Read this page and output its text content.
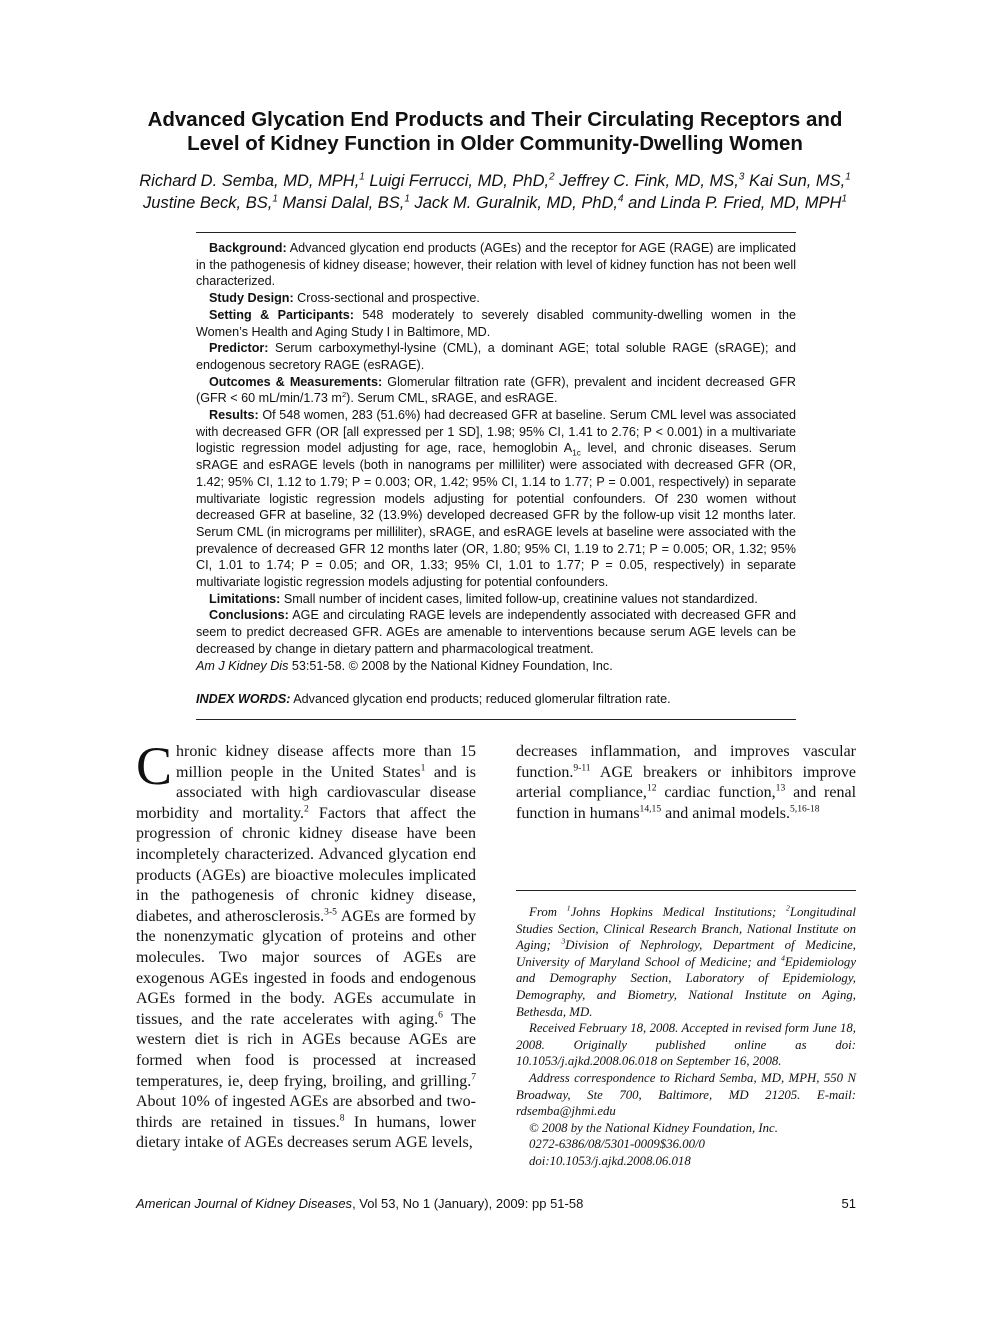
Advanced Glycation End Products and Their Circulating Receptors and
Level of Kidney Function in Older Community-Dwelling Women
Richard D. Semba, MD, MPH,$^1$ Luigi Ferrucci, MD, PhD,$^2$ Jeffrey C. Fink, MD, MS,$^3$ Kai Sun, MS,$^1$
Justine Beck, BS,$^1$ Mansi Dalal, BS,$^1$ Jack M. Guralnik, MD, PhD,$^4$ and Linda P. Fried, MD, MPH$^1$

Background: Advanced glycation end products (AGEs) and the receptor for AGE (RAGE) are implicated in the pathogenesis of kidney disease; however, their relation with level of kidney function has not been well characterized.

Study Design: Cross-sectional and prospective.

Setting & Participants: 548 moderately to severely disabled community-dwelling women in the Women’s Health and Aging Study I in Baltimore, MD.

Predictor: Serum carboxymethyl-lysine (CML), a dominant AGE; total soluble RAGE (sRAGE); and endogenous secretory RAGE (esRAGE).

Outcomes & Measurements: Glomerular filtration rate (GFR), prevalent and incident decreased GFR (GFR < 60 mL/min/1.73 $m^2$). Serum CML, sRAGE, and esRAGE.

Results: Of 548 women, 283 (51.6%) had decreased GFR at baseline. Serum CML level was associated with decreased GFR (OR [all expressed per 1 SD], 1.98; 95% CI, 1.41 to 2.76; P < 0.001) in a multivariate logistic regression model adjusting for age, race, hemoglobin $A_{1c}$ level, and chronic diseases. Serum sRAGE and esRAGE levels (both in nanograms per milliliter) were associated with decreased GFR (OR, 1.42; 95% CI, 1.12 to 1.79; P = 0.003; OR, 1.42; 95% CI, 1.14 to 1.77; P = 0.001, respectively) in separate multivariate logistic regression models adjusting for potential confounders. Of 230 women without decreased GFR at baseline, 32 (13.9%) developed decreased GFR by the follow-up visit 12 months later. Serum CML (in micrograms per milliliter), sRAGE, and esRAGE levels at baseline were associated with the prevalence of decreased GFR 12 months later (OR, 1.80; 95% CI, 1.19 to 2.71; P = 0.005; OR, 1.32; 95% CI, 1.01 to 1.74; P = 0.05; and OR, 1.33; 95% CI, 1.01 to 1.77; P = 0.05, respectively) in separate multivariate logistic regression models adjusting for potential confounders.

Limitations: Small number of incident cases, limited follow-up, creatinine values not standardized.

Conclusions: AGE and circulating RAGE levels are independently associated with decreased GFR and seem to predict decreased GFR. AGEs are amenable to interventions because serum AGE levels can be decreased by change in dietary pattern and pharmacological treatment.

Am J Kidney Dis 53:51-58. © 2008 by the National Kidney Foundation, Inc.

INDEX WORDS: Advanced glycation end products; reduced glomerular filtration rate.

Chronic kidney disease affects more than 15 million people in the United States$^1$ and is associated with high cardiovascular disease morbidity and mortality.$^2$ Factors that affect the progression of chronic kidney disease have been incompletely characterized. Advanced glycation end products (AGEs) are bioactive molecules implicated in the pathogenesis of chronic kidney disease, diabetes, and atherosclerosis.$^{3-5}$ AGEs are formed by the nonenzymatic glycation of proteins and other molecules. Two major sources of AGEs are exogenous AGEs ingested in foods and endogenous AGEs formed in the body. AGEs accumulate in tissues, and the rate accelerates with aging.$^6$ The western diet is rich in AGEs because AGEs are formed when food is processed at increased temperatures, ie, deep frying, broiling, and grilling.$^7$ About 10% of ingested AGEs are absorbed and two-thirds are retained in tissues.$^8$ In humans, lower dietary intake of AGEs decreases serum AGE levels,
decreases inflammation, and improves vascular function.$^{9-11}$ AGE breakers or inhibitors improve arterial compliance,$^{12}$ cardiac function,$^{13}$ and renal function in humans$^{14,15}$ and animal models.$^{5,16-18}$

From $^1$Johns Hopkins Medical Institutions; $^2$Longitudinal Studies Section, Clinical Research Branch, National Institute on Aging; $^3$Division of Nephrology, Department of Medicine, University of Maryland School of Medicine; and $^4$Epidemiology and Demography Section, Laboratory of Epidemiology, Demography, and Biometry, National Institute on Aging, Bethesda, MD.

Received February 18, 2008. Accepted in revised form June 18, 2008. Originally published online as doi: 10.1053/j.ajkd.2008.06.018 on September 16, 2008.

Address correspondence to Richard Semba, MD, MPH, 550 N Broadway, Ste 700, Baltimore, MD 21205. E-mail: rdsemba@jhmi.edu

© 2008 by the National Kidney Foundation, Inc.

0272-6386/08/5301-0009$36.00/0

doi:10.1053/j.ajkd.2008.06.018

American Journal of Kidney Diseases, Vol 53, No 1 (January), 2009: pp 51-58	51
